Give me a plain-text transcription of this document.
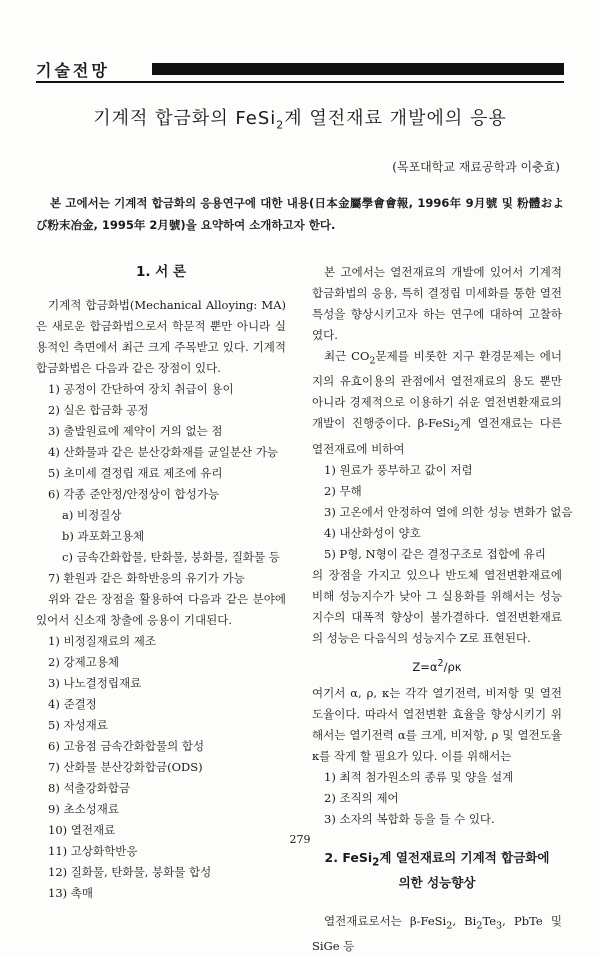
기술전망
기계적 합금화의 FeSi$_2$계 열전재료 개발에의 응용
(목포대학교 재료공학과 이충효)
본 고에서는 기계적 합금화의 응용연구에 대한 내용(日本金屬學會會報, 1996年 9月號 및 粉體および粉末冶金, 1995年 2月號)을 요약하여 소개하고자 한다.
1. 서 론

기계적 합금화법(Mechanical Alloying: MA)은 새로운 합금화법으로서 학문적 뿐만 아니라 실용적인 측면에서 최근 크게 주목받고 있다. 기계적 합금화법은 다음과 같은 장점이 있다.

1) 공정이 간단하여 장치 취급이 용이
2) 실온 합금화 공정
3) 출발원료에 제약이 거의 없는 점
4) 산화물과 같은 분산강화재를 균일분산 가능
5) 초미세 결정립 재료 제조에 유리
6) 각종 준안정/안정상이 합성가능
a) 비정질상
b) 과포화고용체
c) 금속간화합물, 탄화물, 붕화물, 질화물 등
7) 환원과 같은 화학반응의 유기가 가능

위와 같은 장점을 활용하여 다음과 같은 분야에 있어서 신소재 창출에 응용이 기대된다.

1) 비정질재료의 제조
2) 강제고용체
3) 나노결정립재료
4) 준결정
5) 자성재료
6) 고융점 금속간화합물의 합성
7) 산화물 분산강화합금(ODS)
8) 석출강화합금
9) 초소성재료
10) 열전재료
11) 고상화학반응
12) 질화물, 탄화물, 붕화물 합성
13) 촉매

본 고에서는 열전재료의 개발에 있어서 기계적 합금화법의 응용, 특히 결정립 미세화를 통한 열전특성을 향상시키고자 하는 연구에 대하여 고찰하였다.

최근 $CO_2$문제를 비롯한 지구 환경문제는 에너지의 유효이용의 관점에서 열전재료의 용도 뿐만 아니라 경제적으로 이용하기 쉬운 열전변환재료의 개발이 진행중이다. β-FeSi$_2$계 열전재료는 다른 열전재료에 비하여

1) 원료가 풍부하고 값이 저렴
2) 무해
3) 고온에서 안정하여 열에 의한 성능 변화가 없음
4) 내산화성이 양호
5) P형, N형이 같은 결정구조로 접합에 유리

의 장점을 가지고 있으나 반도체 열전변환재료에 비해 성능지수가 낮아 그 실용화를 위해서는 성능지수의 대폭적 향상이 불가결하다. 열전변환재료의 성능은 다음식의 성능지수 Z로 표현된다.

$Z=\alpha^2/\rho\kappa$

여기서 α, ρ, κ는 각각 열기전력, 비저항 및 열전도율이다. 따라서 열전변환 효율을 향상시키기 위해서는 열기전력 α를 크게, 비저항, ρ 및 열전도율 κ를 작게 할 필요가 있다. 이를 위해서는

1) 최적 첨가원소의 종류 및 양을 설계
2) 조직의 제어
3) 소자의 복합화 등을 들 수 있다.
2. FeSi$_2$계 열전재료의 기계적 합금화에
의한 성능향상

열전재료로서는 β-FeSi$_2$, $Bi_2Te_3$, PbTe 및 SiGe 등

279
